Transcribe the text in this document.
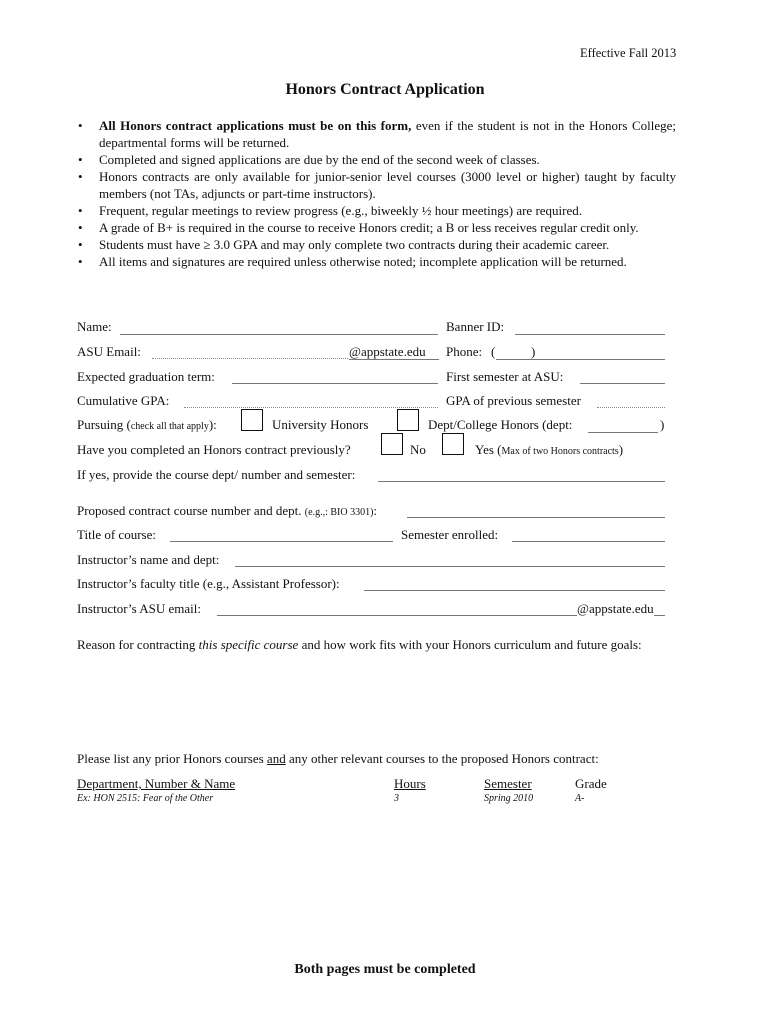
Effective Fall 2013
Honors Contract Application
• All Honors contract applications must be on this form, even if the student is not in the Honors College; departmental forms will be returned.
• Completed and signed applications are due by the end of the second week of classes.
• Honors contracts are only available for junior-senior level courses (3000 level or higher) taught by faculty members (not TAs, adjuncts or part-time instructors).
• Frequent, regular meetings to review progress (e.g., biweekly ½ hour meetings) are required.
• A grade of B+ is required in the course to receive Honors credit; a B or less receives regular credit only.
• Students must have ≥ 3.0 GPA and may only complete two contracts during their academic career.
• All items and signatures are required unless otherwise noted; incomplete application will be returned.
Name:	Banner ID:
ASU Email:	@appstate.edu Phone: (	)
Expected graduation term:	First semester at ASU:
Cumulative GPA:	GPA of previous semester
Pursuing (check all that apply):	University Honors	Dept/College Honors (dept:	)
Have you completed an Honors contract previously?	No	Yes (Max of two Honors contracts)
If yes, provide the course dept/ number and semester:
Proposed contract course number and dept. (e.g.,: BIO 3301):
Title of course:	Semester enrolled:
Instructor’s name and dept:
Instructor’s faculty title (e.g., Assistant Professor):
Instructor’s ASU email:	@appstate.edu
Reason for contracting this specific course and how work fits with your Honors curriculum and future goals:
Please list any prior Honors courses and any other relevant courses to the proposed Honors contract:
Department, Number & Name	Hours	Semester	Grade
Ex: HON 2515: Fear of the Other	3	Spring 2010	A-
Both pages must be completed
